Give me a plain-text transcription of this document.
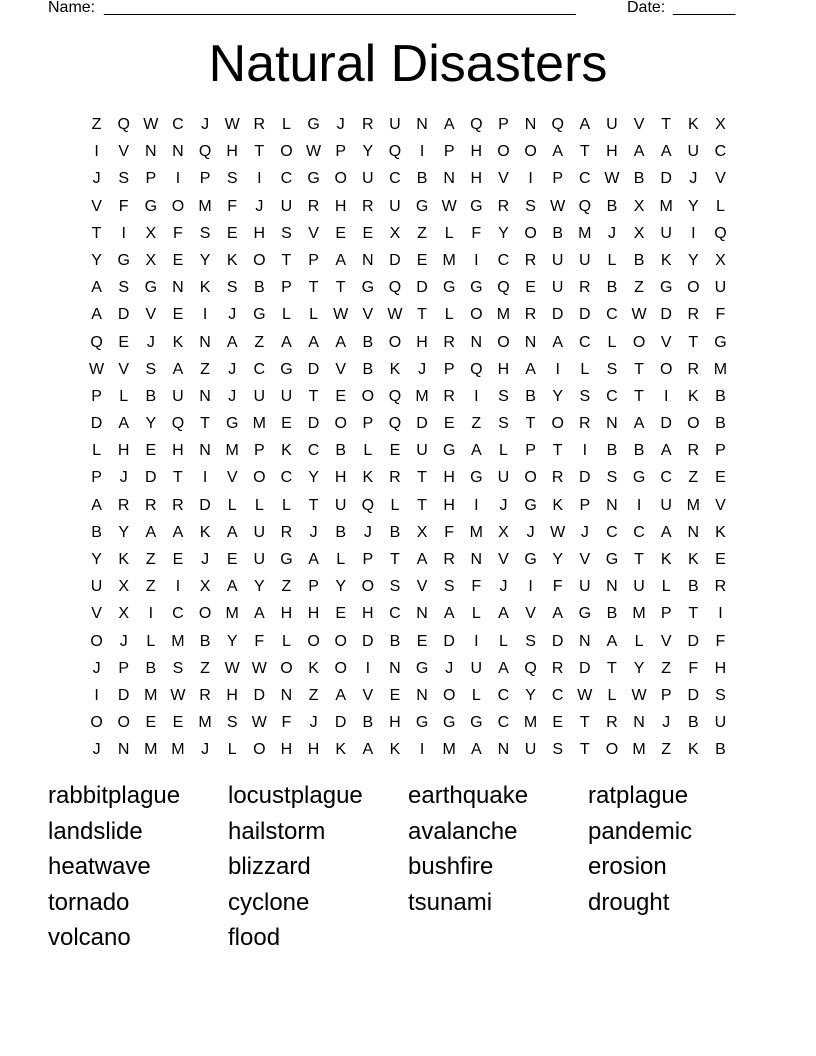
Name: _____________________________________________________	Date: _______
Natural Disasters
Z	Q W C	J W R	L	G	J	R U N	A Q P	N Q A	U	V	T	K	X
I	V	N N Q H	T	O W P	Y Q	I	P	H O O A	T	H	A	A	U C
J	S	P	I	P	S	I	C G O U C	B	N H	V	I	P	C W B	D	J	V
V	F	G O M F	J	U R H R U G W G R	S W Q B	X M Y	L
T	I	X	F	S	E	H	S	V	E	E	X	Z	L	F	Y O B M	J	X	U	I	Q
Y G X	E	Y	K O	T	P	A	N D	E M	I	C R U U	L	B	K	Y	X
A	S G N	K	S	B	P	T	T	G Q D G G Q E	U R	B	Z	G O U
A	D	V	E	I	J	G	L	L W V W T	L	O M R D D C W D R	F
Q E	J	K	N	A	Z	A	A	A	B O H R N O N	A	C	L	O V	T	G
W V	S	A	Z	J	C G D	V	B	K	J	P Q H	A	I	L	S	T	O R M
P	L	B	U N	J	U U	T	E O Q M R	I	S	B	Y	S	C	T	I	K	B
D	A	Y Q	T	G M E	D O P Q D	E	Z	S	T	O R N	A	D O B
L	H	E	H N M P	K	C	B	L	E	U G A	L	P	T	I	B	B	A	R	P
P	J	D	T	I	V O C	Y	H	K	R	T	H G U O R D	S G C	Z	E
A	R R R D	L	L	L	T	U Q	L	T	H	I	J	G K	P	N	I	U M V
B	Y	A	A	K	A	U R	J	B	J	B	X	F M X	J W J	C C	A	N	K
Y	K	Z	E	J	E	U G A	L	P	T	A	R N	V G Y	V G	T	K	K	E
U	X	Z	I	X	A	Y	Z	P	Y O S	V	S	F	J	I	F	U N U	L	B	R
V	X	I	C O M A	H H	E	H C N	A	L	A	V	A G B M P	T	I
O	J	L	M B	Y	F	L	O O D	B	E	D	I	L	S	D N	A	L	V	D	F
J	P	B	S	Z W W O K O	I	N G	J	U	A Q R D	T	Y	Z	F	H
I	D M W R H D N	Z	A	V	E	N O	L	C	Y	C W L W P	D	S
O O E	E M S W F	J	D	B	H G G G C M E	T	R N	J	B	U
J	N M M	J	L	O H H	K	A	K	I	M A	N U	S	T	O M Z	K	B
rabbitplague	locustplague	earthquake	ratplague
landslide	hailstorm	avalanche	pandemic
heatwave	blizzard	bushfire	erosion
tornado	cyclone	tsunami	drought
volcano	flood
